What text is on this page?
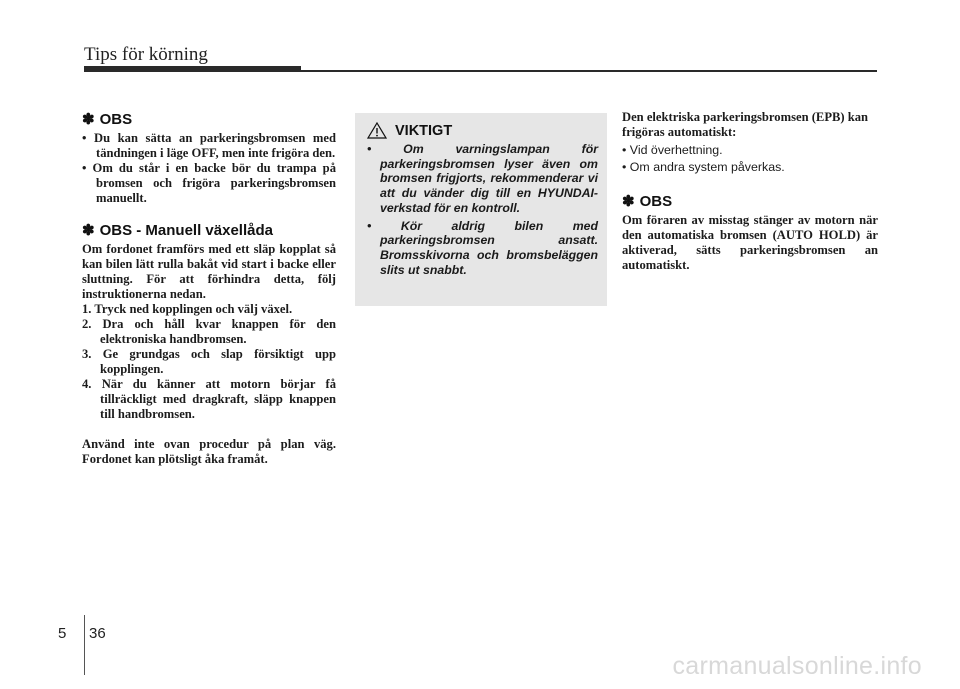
Tips för körning
✽ OBS
• Du kan sätta an parkeringsbromsen med tändningen i läge OFF, men inte frigöra den.
• Om du står i en backe bör du trampa på bromsen och frigöra parkeringsbromsen manuellt.
✽ OBS - Manuell växellåda

Om fordonet framförs med ett släp kopplat så kan bilen lätt rulla bakåt vid start i backe eller sluttning. För att förhindra detta, följ instruktionerna nedan.

1. Tryck ned kopplingen och välj växel.
2. Dra och håll kvar knappen för den elektroniska handbromsen.
3. Ge grundgas och slap försiktigt upp kopplingen.
4. När du känner att motorn börjar få tillräckligt med dragkraft, släpp knappen till handbromsen.

Använd inte ovan procedur på plan väg. Fordonet kan plötsligt åka framåt.

VIKTIGT
•	Om varningslampan för parkeringsbromsen lyser även om bromsen frigjorts, rekommenderar vi att du vänder dig till en HYUNDAI-verkstad för en kontroll.
• Kör aldrig bilen med parkeringsbromsen ansatt. Bromsskivorna och bromsbeläggen slits ut snabbt.

Den elektriska parkeringsbromsen (EPB) kan frigöras automatiskt:

• Vid överhettning.
• Om andra system påverkas.
✽ OBS

Om föraren av misstag stänger av motorn när den automatiska bromsen (AUTO HOLD) är aktiverad, sätts parkeringsbromsen an automatiskt.

5 36
carmanualsonline.info
